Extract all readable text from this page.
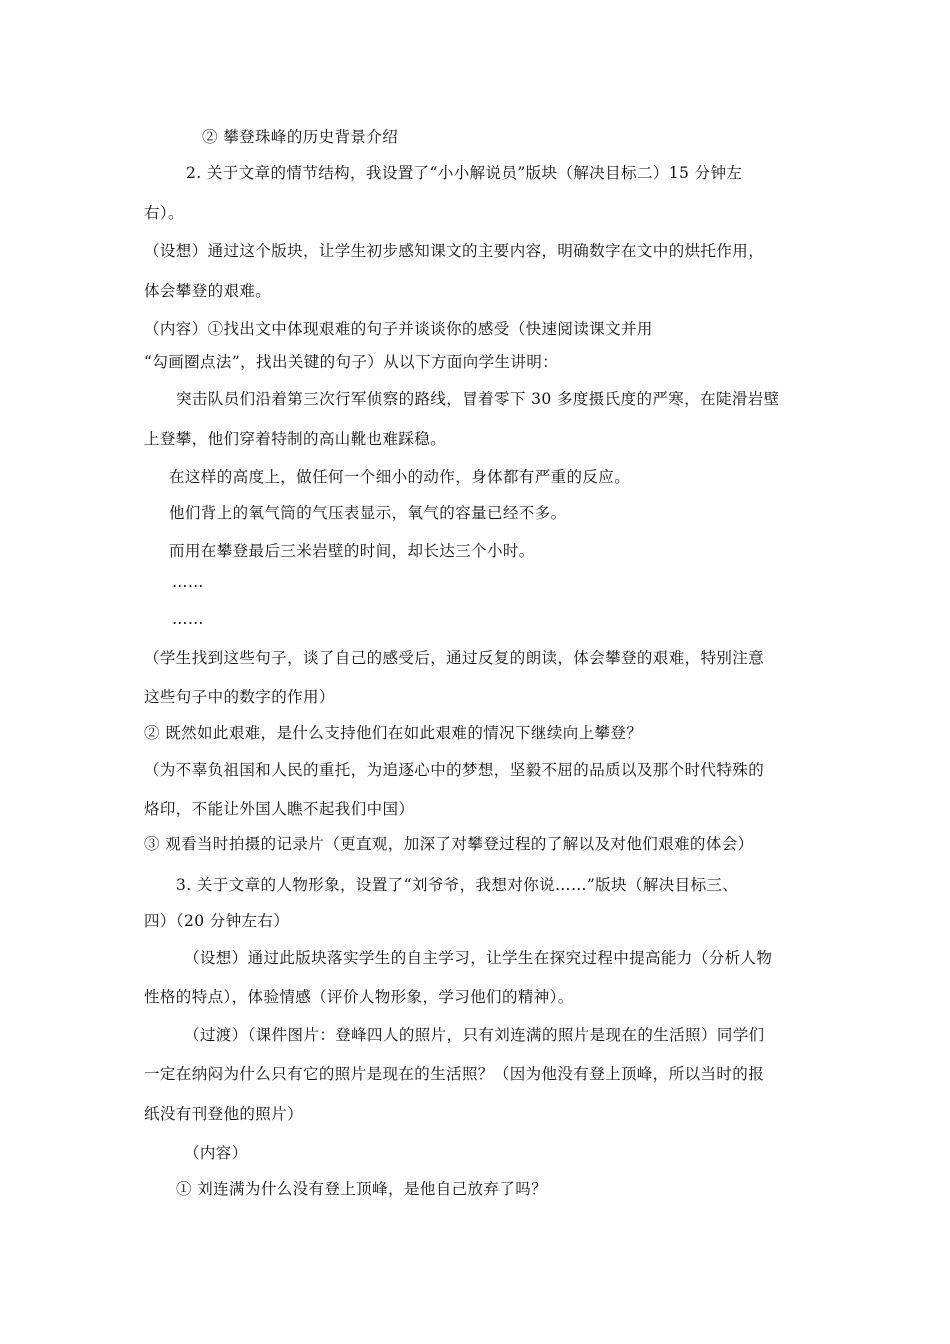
② 攀登珠峰的历史背景介绍
2. 关于文章的情节结构，我设置了“小小解说员”版块（解决目标二）15 分钟左
右）。
（设想）通过这个版块，让学生初步感知课文的主要内容，明确数字在文中的烘托作用，
体会攀登的艰难。
（内容）①找出文中体现艰难的句子并谈谈你的感受（快速阅读课文并用
“勾画圈点法”，找出关键的句子）从以下方面向学生讲明：
突击队员们沿着第三次行军侦察的路线，冒着零下 30 多度摄氏度的严寒，在陡滑岩壁
上登攀，他们穿着特制的高山靴也难踩稳。
在这样的高度上，做任何一个细小的动作，身体都有严重的反应。
他们背上的氧气筒的气压表显示，氧气的容量已经不多。
而用在攀登最后三米岩壁的时间，却长达三个小时。
……
……
（学生找到这些句子，谈了自己的感受后，通过反复的朗读，体会攀登的艰难，特别注意
这些句子中的数字的作用）
② 既然如此艰难，是什么支持他们在如此艰难的情况下继续向上攀登？
（为不辜负祖国和人民的重托，为追逐心中的梦想，坚毅不屈的品质以及那个时代特殊的
烙印，不能让外国人瞧不起我们中国）
③ 观看当时拍摄的记录片（更直观，加深了对攀登过程的了解以及对他们艰难的体会）
3. 关于文章的人物形象，设置了“刘爷爷，我想对你说……”版块（解决目标三、
四）（20 分钟左右）
（设想）通过此版块落实学生的自主学习，让学生在探究过程中提高能力（分析人物
性格的特点），体验情感（评价人物形象，学习他们的精神）。
（过渡）（课件图片：登峰四人的照片，只有刘连满的照片是现在的生活照）同学们
一定在纳闷为什么只有它的照片是现在的生活照？（因为他没有登上顶峰，所以当时的报
纸没有刊登他的照片）
（内容）
① 刘连满为什么没有登上顶峰，是他自己放弃了吗？
